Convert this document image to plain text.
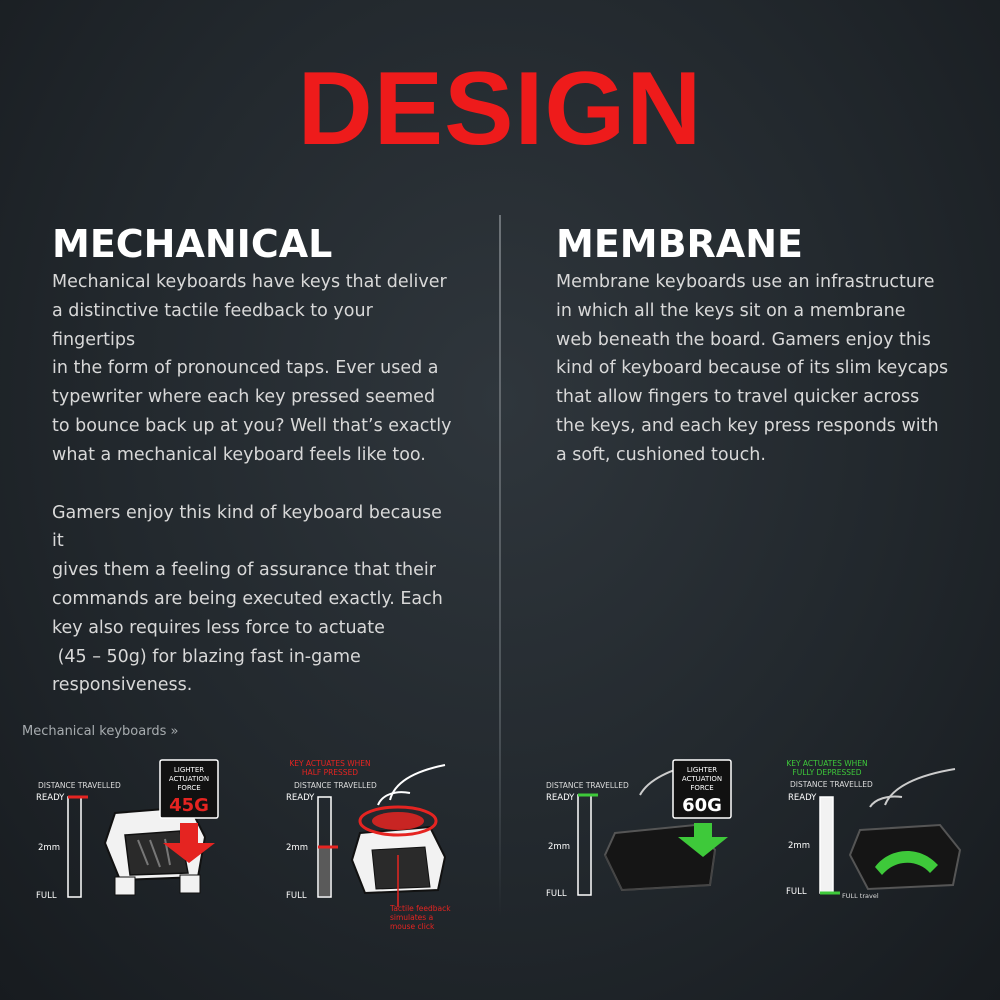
DESIGN
MECHANICAL

Mechanical keyboards have keys that deliver
a distinctive tactile feedback to your fingertips
in the form of pronounced taps. Ever used a
typewriter where each key pressed seemed
to bounce back up at you? Well that’s exactly
what a mechanical keyboard feels like too.

Gamers enjoy this kind of keyboard because it
gives them a feeling of assurance that their
commands are being executed exactly. Each
key also requires less force to actuate
(45 – 50g) for blazing fast in-game
responsiveness.

MEMBRANE

Membrane keyboards use an infrastructure
in which all the keys sit on a membrane
web beneath the board. Gamers enjoy this
kind of keyboard because of its slim keycaps
that allow fingers to travel quicker across
the keys, and each key press responds with
a soft, cushioned touch.

Mechanical keyboards »
DISTANCE TRAVELLED
READY
2mm
FULL
LIGHTER
ACTUATION
FORCE
45G
KEY ACTUATES WHEN
HALF PRESSED
DISTANCE TRAVELLED
READY
2mm
FULL
Tactile feedback
simulates a
mouse click
DISTANCE TRAVELLED
READY
2mm
FULL
LIGHTER
ACTUATION
FORCE
60G
KEY ACTUATES WHEN
FULLY DEPRESSED
DISTANCE TRAVELLED
READY
2mm
FULL	FULL travel
